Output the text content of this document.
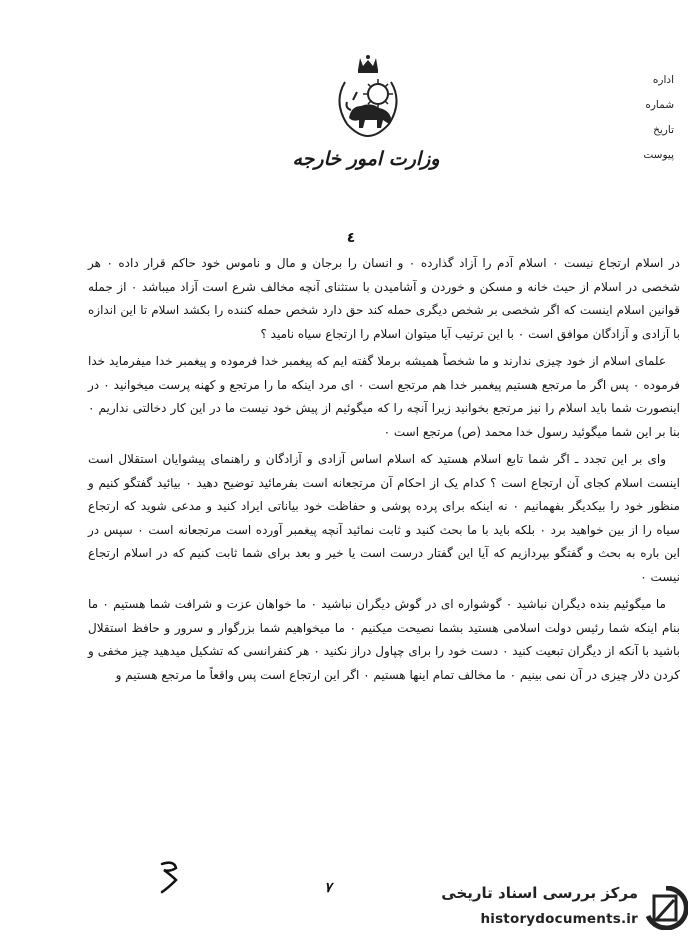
وزارت امور خارجه
اداره
شماره
تاریخ
پیوست
٤

در اسلام ارتجاع نیست ۰ اسلام آدم را آزاد گذارده ۰ و انسان را برجان و مال و ناموس خود حاکم قرار داده ۰ هر شخصی در اسلام از حیث خانه و مسکن و خوردن و آشامیدن با ستثنای آنچه مخالف شرع است آزاد میباشد ۰ از جمله قوانین اسلام اینست که اگر شخصی بر شخص دیگری حمله کند حق دارد شخص حمله کننده را بکشد اسلام تا این اندازه با آزادی و آزادگان موافق است ۰ با این ترتیب آیا میتوان اسلام را ارتجاع سیاه نامید ؟

علمای اسلام از خود چیزی ندارند و ما شخصاً همیشه برملا گفته ایم که پیغمبر خدا فرموده و پیغمبر خدا میفرماید خدا فرموده ۰ پس اگر ما مرتجع هستیم پیغمبر خدا هم مرتجع است ۰ ای مرد اینکه ما را مرتجع و کهنه پرست میخوانید ۰ در اینصورت شما باید اسلام را نیز مرتجع بخوانید زیرا آنچه را که میگوئیم از پیش خود نیست ما در این کار دخالتی نداریم ۰ بنا بر این شما میگوئید رسول خدا محمد (ص) مرتجع است ۰

وای بر این تجدد ـ اگر شما تابع اسلام هستید که اسلام اساس آزادی و آزادگان و راهنمای پیشوایان استقلال است اینست اسلام کجای آن ارتجاع است ؟ کدام یک از احکام آن مرتجعانه است بفرمائید توضیح دهید ۰ بیائید گفتگو کنیم و منظور خود را بیکدیگر بفهمانیم ۰ نه اینکه برای پرده پوشی و حفاظت خود بیاناتی ایراد کنید و مدعی شوید که ارتجاع سیاه را از بین خواهید برد ۰ بلکه باید با ما بحث کنید و ثابت نمائید آنچه پیغمبر آورده است مرتجعانه است ۰ سپس در این باره به بحث و گفتگو بپردازیم که آیا این گفتار درست است یا خیر و بعد برای شما ثابت کنیم که در اسلام ارتجاع نیست ۰

ما میگوئیم بنده دیگران نباشید ۰ گوشواره ای در گوش دیگران نباشید ۰ ما خواهان عزت و شرافت شما هستیم ۰ ما بنام اینکه شما رئیس دولت اسلامی هستید بشما نصیحت میکنیم ۰ ما میخواهیم شما بزرگوار و سرور و حافظ استقلال باشید با آنکه از دیگران تبعیت کنید ۰ دست خود را برای چپاول دراز نکنید ۰ هر کنفرانسی که تشکیل میدهید چیز مخفی و کردن دلار چیزی در آن نمی بینیم ۰ ما مخالف تمام اینها هستیم ۰ اگر این ارتجاع است پس واقعاً ما مرتجع هستیم و

٧	مرکز بررسی اسناد تاریخی
historydocuments.ir
